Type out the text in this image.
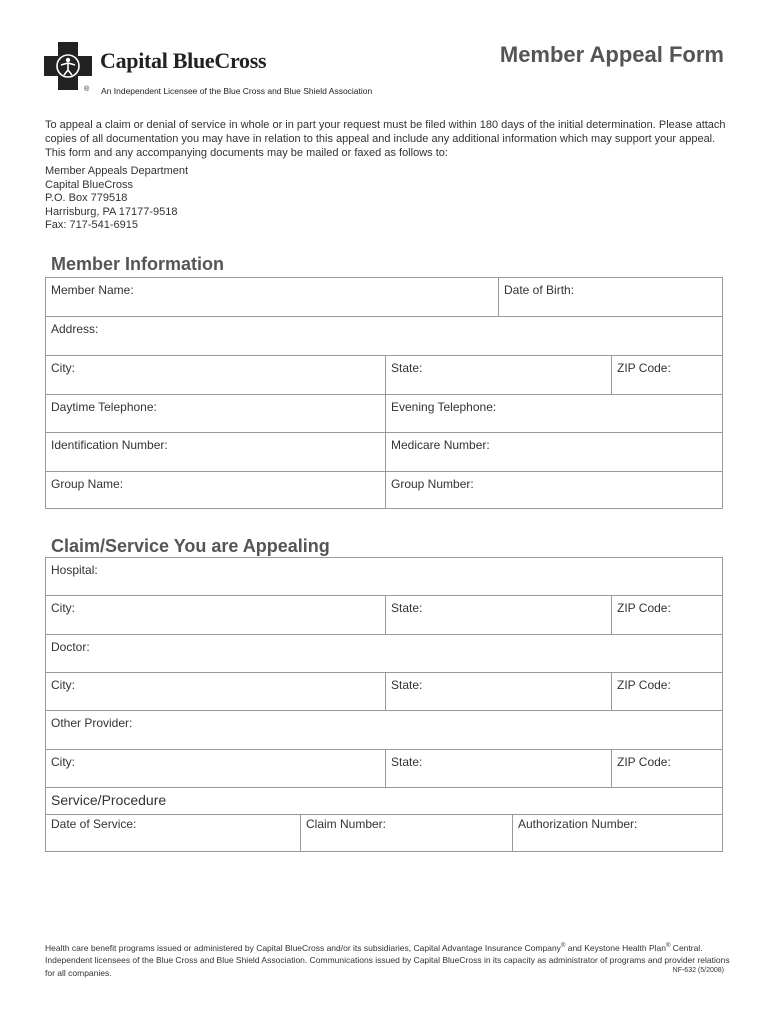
Capital BlueCross
® An Independent Licensee of the Blue Cross and Blue Shield Association
Member Appeal Form
To appeal a claim or denial of service in whole or in part your request must be filed within 180 days of the initial determination. Please attach copies of all documentation you may have in relation to this appeal and include any additional information which may support your appeal. This form and any accompanying documents may be mailed or faxed as follows to:
Member Appeals Department
Capital BlueCross
P.O. Box 779518
Harrisburg, PA 17177-9518
Fax: 717-541-6915
Member Information
Member Name:	Date of Birth:
Address:
City:	State:	ZIP Code:
Daytime Telephone:	Evening Telephone:
Identification Number:	Medicare Number:
Group Name:	Group Number:
Claim/Service You are Appealing
Hospital:
City:	State:	ZIP Code:
Doctor:
City:	State:	ZIP Code:
Other Provider:
City:	State:	ZIP Code:
Service/Procedure
Date of Service:	Claim Number:	Authorization Number:
Health care benefit programs issued or administered by Capital BlueCross and/or its subsidiaries, Capital Advantage Insurance Company® and Keystone Health Plan® Central. Independent licensees of the Blue Cross and Blue Shield Association. Communications issued by Capital BlueCross in its capacity as administrator of programs and provider relations for all companies.	NF-632 (5/2008)
